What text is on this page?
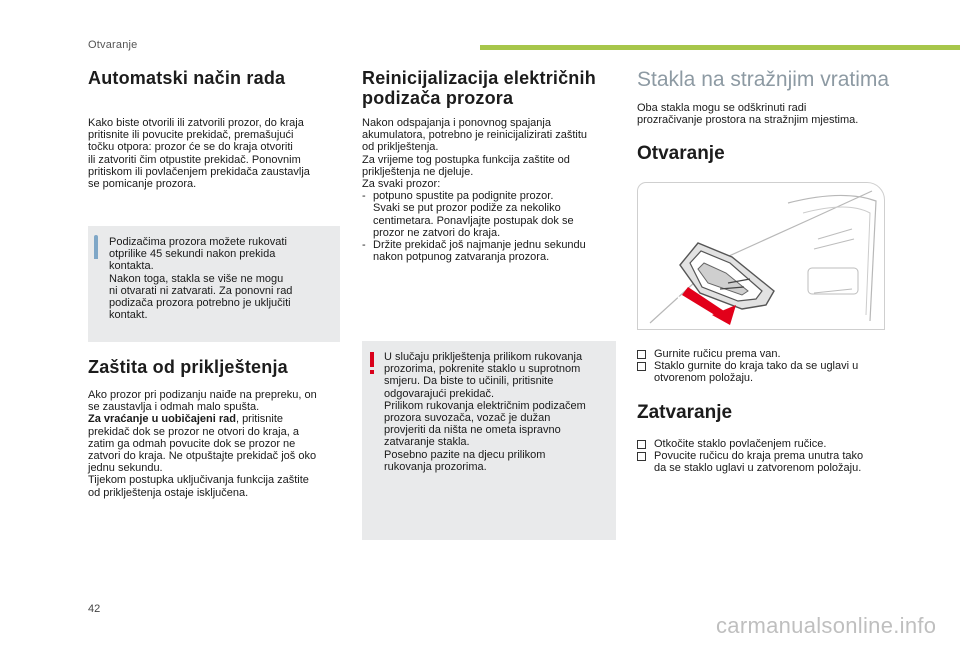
Otvaranje
Automatski način rada
Kako biste otvorili ili zatvorili prozor, do kraja
pritisnite ili povucite prekidač, premašujući
točku otpora: prozor će se do kraja otvoriti
ili zatvoriti čim otpustite prekidač. Ponovnim
pritiskom ili povlačenjem prekidača zaustavlja
se pomicanje prozora.
Podizačima prozora možete rukovati
otprilike 45 sekundi nakon prekida
kontakta.
Nakon toga, stakla se više ne mogu
ni otvarati ni zatvarati. Za ponovni rad
podizača prozora potrebno je uključiti
kontakt.
Zaštita od priklještenja
Ako prozor pri podizanju naiđe na prepreku, on
se zaustavlja i odmah malo spušta.
Za vraćanje u uobičajeni rad, pritisnite
prekidač dok se prozor ne otvori do kraja, a
zatim ga odmah povucite dok se prozor ne
zatvori do kraja. Ne otpuštajte prekidač još oko
jednu sekundu.
Tijekom postupka uključivanja funkcija zaštite
od priklještenja ostaje isključena.
Reinicijalizacija električnih
podizača prozora
Nakon odspajanja i ponovnog spajanja
akumulatora, potrebno je reinicijalizirati zaštitu
od priklještenja.
Za vrijeme tog postupka funkcija zaštite od
priklještenja ne djeluje.
Za svaki prozor:
- potpuno spustite pa podignite prozor.
Svaki se put prozor podiže za nekoliko
centimetara. Ponavljajte postupak dok se
prozor ne zatvori do kraja.
- Držite prekidač još najmanje jednu sekundu
nakon potpunog zatvaranja prozora.
U slučaju priklještenja prilikom rukovanja
prozorima, pokrenite staklo u suprotnom
smjeru. Da biste to učinili, pritisnite
odgovarajući prekidač.
Prilikom rukovanja električnim podizačem
prozora suvozača, vozač je dužan
provjeriti da ništa ne ometa ispravno
zatvaranje stakla.
Posebno pazite na djecu prilikom
rukovanja prozorima.
Stakla na stražnjim vratima
Oba stakla mogu se odškrinuti radi
prozračivanje prostora na stražnjim mjestima.
Otvaranje
Gurnite ručicu prema van.
Staklo gurnite do kraja tako da se uglavi u
otvorenom položaju.
Zatvaranje
Otkočite staklo povlačenjem ručice.
Povucite ručicu do kraja prema unutra tako
da se staklo uglavi u zatvorenom položaju.
42
carmanualsonline.info
